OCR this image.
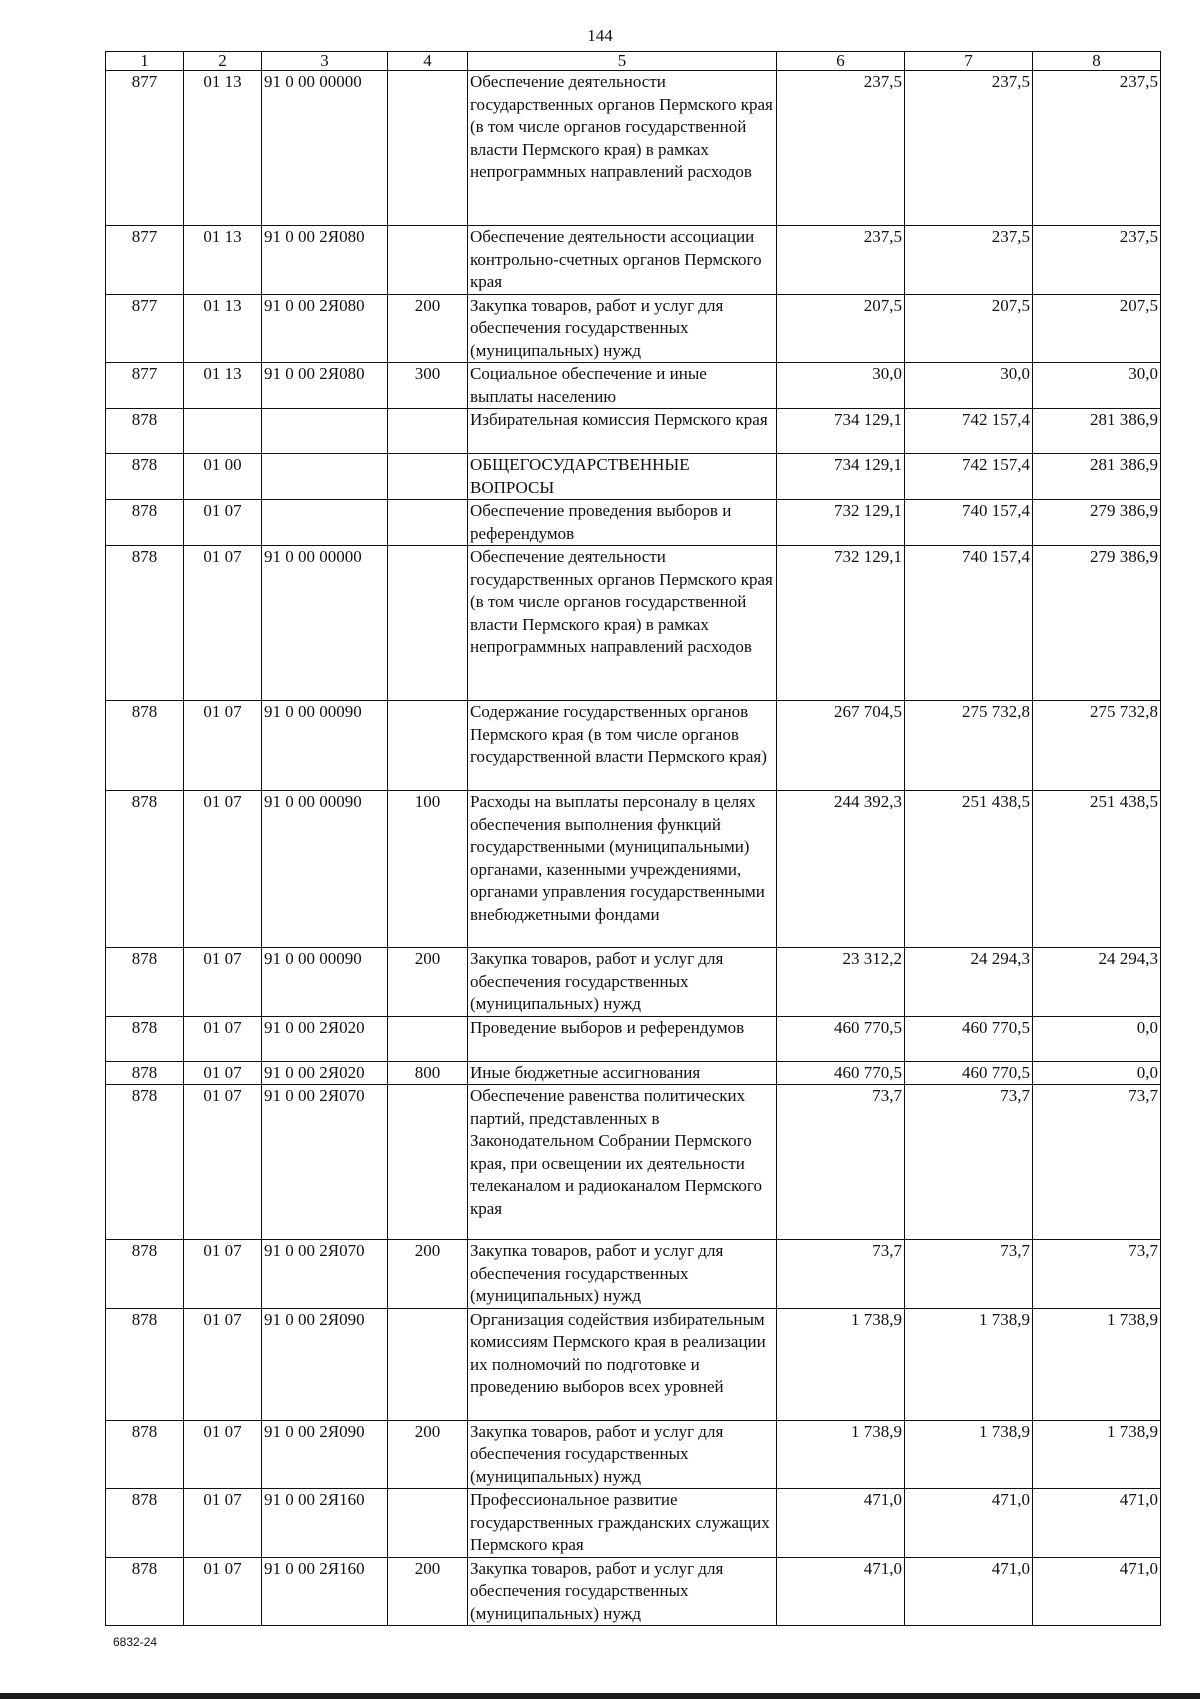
144
1	2	3	4	5	6	7	8
877	01 13	91 0 00 00000		Обеспечение деятельности государственных органов Пермского края (в том числе органов государственной власти Пермского края) в рамках непрограммных направлений расходов	237,5	237,5	237,5
877	01 13	91 0 00 2Я080		Обеспечение деятельности ассоциации контрольно-счетных органов Пермского края	237,5	237,5	237,5
877	01 13	91 0 00 2Я080	200	Закупка товаров, работ и услуг для обеспечения государственных (муниципальных) нужд	207,5	207,5	207,5
877	01 13	91 0 00 2Я080	300	Социальное обеспечение и иные выплаты населению	30,0	30,0	30,0
878				Избирательная комиссия Пермского края	734 129,1	742 157,4	281 386,9
878	01 00			ОБЩЕГОСУДАРСТВЕННЫЕ ВОПРОСЫ	734 129,1	742 157,4	281 386,9
878	01 07			Обеспечение проведения выборов и референдумов	732 129,1	740 157,4	279 386,9
878	01 07	91 0 00 00000		Обеспечение деятельности государственных органов Пермского края (в том числе органов государственной власти Пермского края) в рамках непрограммных направлений расходов	732 129,1	740 157,4	279 386,9
878	01 07	91 0 00 00090		Содержание государственных органов Пермского края (в том числе органов государственной власти Пермского края)	267 704,5	275 732,8	275 732,8
878	01 07	91 0 00 00090	100	Расходы на выплаты персоналу в целях обеспечения выполнения функций государственными (муниципальными) органами, казенными учреждениями, органами управления государственными внебюджетными фондами	244 392,3	251 438,5	251 438,5
878	01 07	91 0 00 00090	200	Закупка товаров, работ и услуг для обеспечения государственных (муниципальных) нужд	23 312,2	24 294,3	24 294,3
878	01 07	91 0 00 2Я020		Проведение выборов и референдумов	460 770,5	460 770,5	0,0
878	01 07	91 0 00 2Я020	800	Иные бюджетные ассигнования	460 770,5	460 770,5	0,0
878	01 07	91 0 00 2Я070		Обеспечение равенства политических партий, представленных в Законодательном Собрании Пермского края, при освещении их деятельности телеканалом и радиоканалом Пермского края	73,7	73,7	73,7
878	01 07	91 0 00 2Я070	200	Закупка товаров, работ и услуг для обеспечения государственных (муниципальных) нужд	73,7	73,7	73,7
878	01 07	91 0 00 2Я090		Организация содействия избирательным комиссиям Пермского края в реализации их полномочий по подготовке и проведению выборов всех уровней	1 738,9	1 738,9	1 738,9
878	01 07	91 0 00 2Я090	200	Закупка товаров, работ и услуг для обеспечения государственных (муниципальных) нужд	1 738,9	1 738,9	1 738,9
878	01 07	91 0 00 2Я160		Профессиональное развитие государственных гражданских служащих Пермского края	471,0	471,0	471,0
878	01 07	91 0 00 2Я160	200	Закупка товаров, работ и услуг для обеспечения государственных (муниципальных) нужд	471,0	471,0	471,0
6832-24
